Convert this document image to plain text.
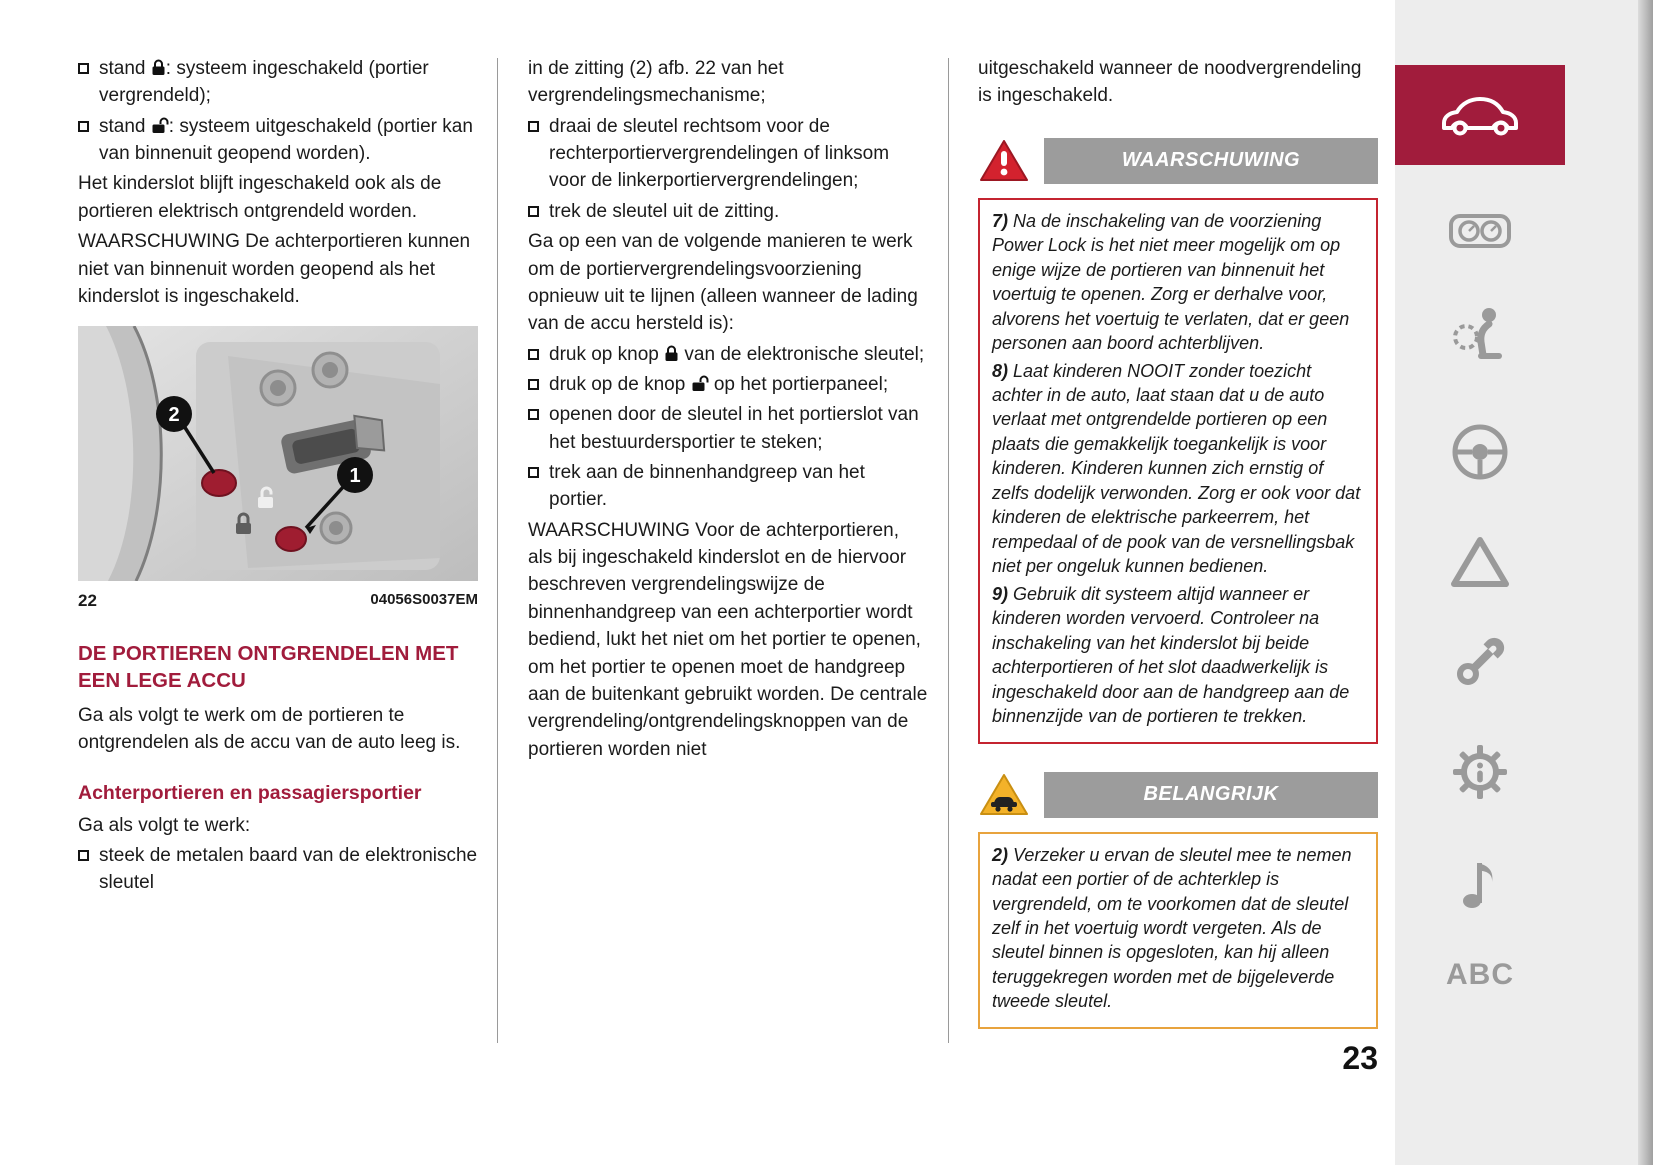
stand : systeem ingeschakeld (portier vergrendeld);

stand : systeem uitgeschakeld (portier kan van binnenuit geopend worden).

Het kinderslot blijft ingeschakeld ook als de portieren elektrisch ontgrendeld worden.

WAARSCHUWING De achterportieren kunnen niet van binnenuit worden geopend als het kinderslot is ingeschakeld.

2
1
22	04056S0037EM
DE PORTIEREN ONTGRENDELEN MET EEN LEGE ACCU

Ga als volgt te werk om de portieren te ontgrendelen als de accu van de auto leeg is.

Achterportieren en passagiersportier

Ga als volgt te werk:

steek de metalen baard van de elektronische sleutel

in de zitting (2) afb. 22 van het vergrendelingsmechanisme;

draai de sleutel rechtsom voor de rechterportiervergrendelingen of linksom voor de linkerportiervergrendelingen;

trek de sleutel uit de zitting.

Ga op een van de volgende manieren te werk om de portiervergrendelingsvoorziening opnieuw uit te lijnen (alleen wanneer de lading van de accu hersteld is):

druk op knop  van de elektronische sleutel;

druk op de knop  op het portierpaneel;

openen door de sleutel in het portierslot van het bestuurdersportier te steken;

trek aan de binnenhandgreep van het portier.

WAARSCHUWING Voor de achterportieren, als bij ingeschakeld kinderslot en de hiervoor beschreven vergrendelingswijze de binnenhandgreep van een achterportier wordt bediend, lukt het niet om het portier te openen, om het portier te openen moet de handgreep aan de buitenkant gebruikt worden. De centrale vergrendeling/ontgrendelingsknoppen van de portieren worden niet

uitgeschakeld wanneer de noodvergrendeling is ingeschakeld.

WAARSCHUWING

7) Na de inschakeling van de voorziening Power Lock is het niet meer mogelijk om op enige wijze de portieren van binnenuit het voertuig te openen. Zorg er derhalve voor, alvorens het voertuig te verlaten, dat er geen personen aan boord achterblijven.

8) Laat kinderen NOOIT zonder toezicht achter in de auto, laat staan dat u de auto verlaat met ontgrendelde portieren op een plaats die gemakkelijk toegankelijk is voor kinderen. Kinderen kunnen zich ernstig of zelfs dodelijk verwonden. Zorg er ook voor dat kinderen de elektrische parkeerrem, het rempedaal of de pook van de versnellingsbak niet per ongeluk kunnen bedienen.

9) Gebruik dit systeem altijd wanneer er kinderen worden vervoerd. Controleer na inschakeling van het kinderslot bij beide achterportieren of het slot daadwerkelijk is ingeschakeld door aan de handgreep aan de binnenzijde van de portieren te trekken.

BELANGRIJK

2) Verzeker u ervan de sleutel mee te nemen nadat een portier of de achterklep is vergrendeld, om te voorkomen dat de sleutel zelf in het voertuig wordt vergeten. Als de sleutel binnen is opgesloten, kan hij alleen teruggekregen worden met de bijgeleverde tweede sleutel.

23
ABC
